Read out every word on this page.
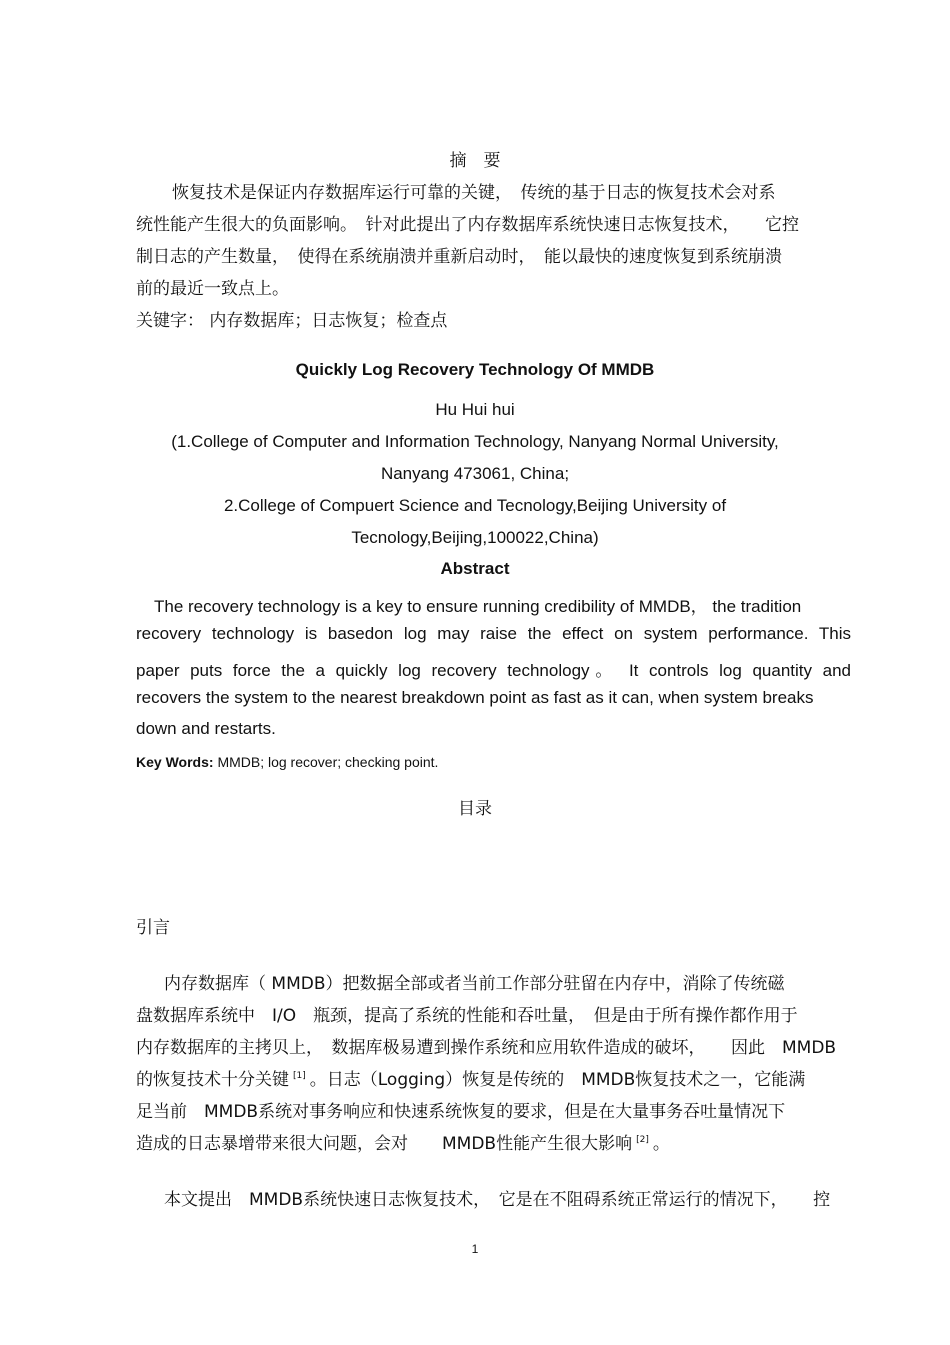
摘　要
恢复技术是保证内存数据库运行可靠的关键，　传统的基于日志的恢复技术会对系
统性能产生很大的负面影响。　针对此提出了内存数据库系统快速日志恢复技术，　　它控
制日志的产生数量，　使得在系统崩溃并重新启动时，　能以最快的速度恢复到系统崩溃
前的最近一致点上。
关键字： 内存数据库；日志恢复；检查点
Quickly Log Recovery Technology Of MMDB
Hu Hui hui
(1.College of Computer and Information Technology, Nanyang Normal University,
Nanyang 473061, China;
2.College of Compuert Science and Tecnology,Beijing University of
Tecnology,Beijing,100022,China)
Abstract
The recovery technology is a key to ensure running credibility of MMDB， the tradition
recovery technology is basedon log may raise the effect on system performance. This
paper puts force the a quickly log recovery technology。 It controls log quantity and
recovers the system to the nearest breakdown point as fast as it can, when system breaks
down and restarts.
Key Words: MMDB; log recover; checking point.
目录
引言
内存数据库（ MMDB）把数据全部或者当前工作部分驻留在内存中，消除了传统磁
盘数据库系统中　I/O　瓶颈，提高了系统的性能和吞吐量，　但是由于所有操作都作用于
内存数据库的主拷贝上，　数据库极易遭到操作系统和应用软件造成的破坏，　　因此　MMDB
的恢复技术十分关键 [1] 。日志（Logging）恢复是传统的　MMDB恢复技术之一，它能满
足当前　MMDB系统对事务响应和快速系统恢复的要求，但是在大量事务吞吐量情况下
造成的日志暴增带来很大问题，会对　　MMDB性能产生很大影响 [2] 。
本文提出　MMDB系统快速日志恢复技术，　它是在不阻碍系统正常运行的情况下，　　控
1
